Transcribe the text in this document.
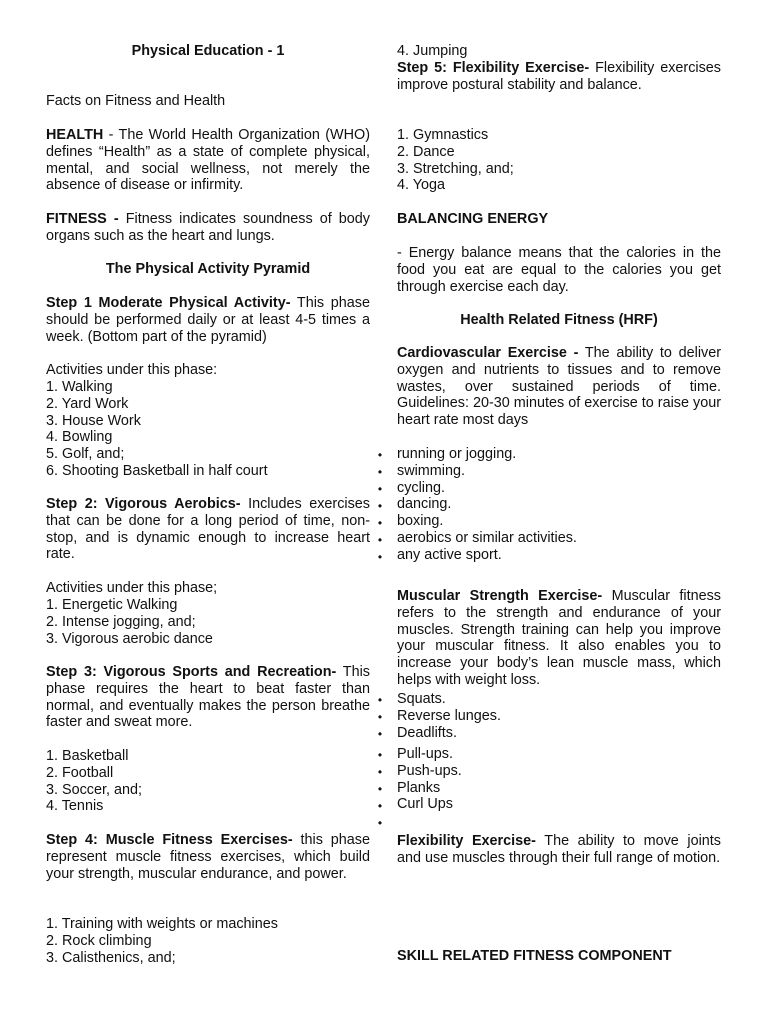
Physical Education - 1

Facts on Fitness and Health

HEALTH - The World Health Organization (WHO) defines “Health” as a state of complete physical, mental, and social wellness, not merely the absence of disease or infirmity.

FITNESS - Fitness indicates soundness of body organs such as the heart and lungs.

The Physical Activity Pyramid

Step 1 Moderate Physical Activity- This phase should be performed daily or at least 4-5 times a week. (Bottom part of the pyramid)

Activities under this phase:

1. Walking
2. Yard Work
3. House Work
4. Bowling
5. Golf, and;
6. Shooting Basketball in half court

Step 2: Vigorous Aerobics- Includes exercises that can be done for a long period of time, non-stop, and is dynamic enough to increase heart rate.

Activities under this phase;

1. Energetic Walking
2. Intense jogging, and;
3. Vigorous aerobic dance

Step 3: Vigorous Sports and Recreation- This phase requires the heart to beat faster than normal, and eventually makes the person breathe faster and sweat more.

1. Basketball
2. Football
3. Soccer, and;
4. Tennis

Step 4: Muscle Fitness Exercises- this phase represent muscle fitness exercises, which build your strength, muscular endurance, and power.

1. Training with weights or machines
2. Rock climbing
3. Calisthenics, and;

4. Jumping

Step 5: Flexibility Exercise- Flexibility exercises improve postural stability and balance.

1. Gymnastics
2. Dance
3. Stretching, and;
4. Yoga

BALANCING ENERGY

- Energy balance means that the calories in the food you eat are equal to the calories you get through exercise each day.

Health Related Fitness (HRF)

Cardiovascular Exercise - The ability to deliver oxygen and nutrients to tissues and to remove wastes, over sustained periods of time. Guidelines: 20-30 minutes of exercise to raise your heart rate most days

running or jogging.
swimming.
cycling.
dancing.
boxing.
aerobics or similar activities.
any active sport.

Muscular Strength Exercise- Muscular fitness refers to the strength and endurance of your muscles. Strength training can help you improve your muscular fitness. It also enables you to increase your body’s lean muscle mass, which helps with weight loss.

Squats.
Reverse lunges.
Deadlifts.
Pull-ups.
Push-ups.
Planks
Curl Ups

Flexibility Exercise- The ability to move joints and use muscles through their full range of motion.

SKILL RELATED FITNESS COMPONENT

•
•
•
•
•
•
•
•
•
•
•
•
•
•
•
